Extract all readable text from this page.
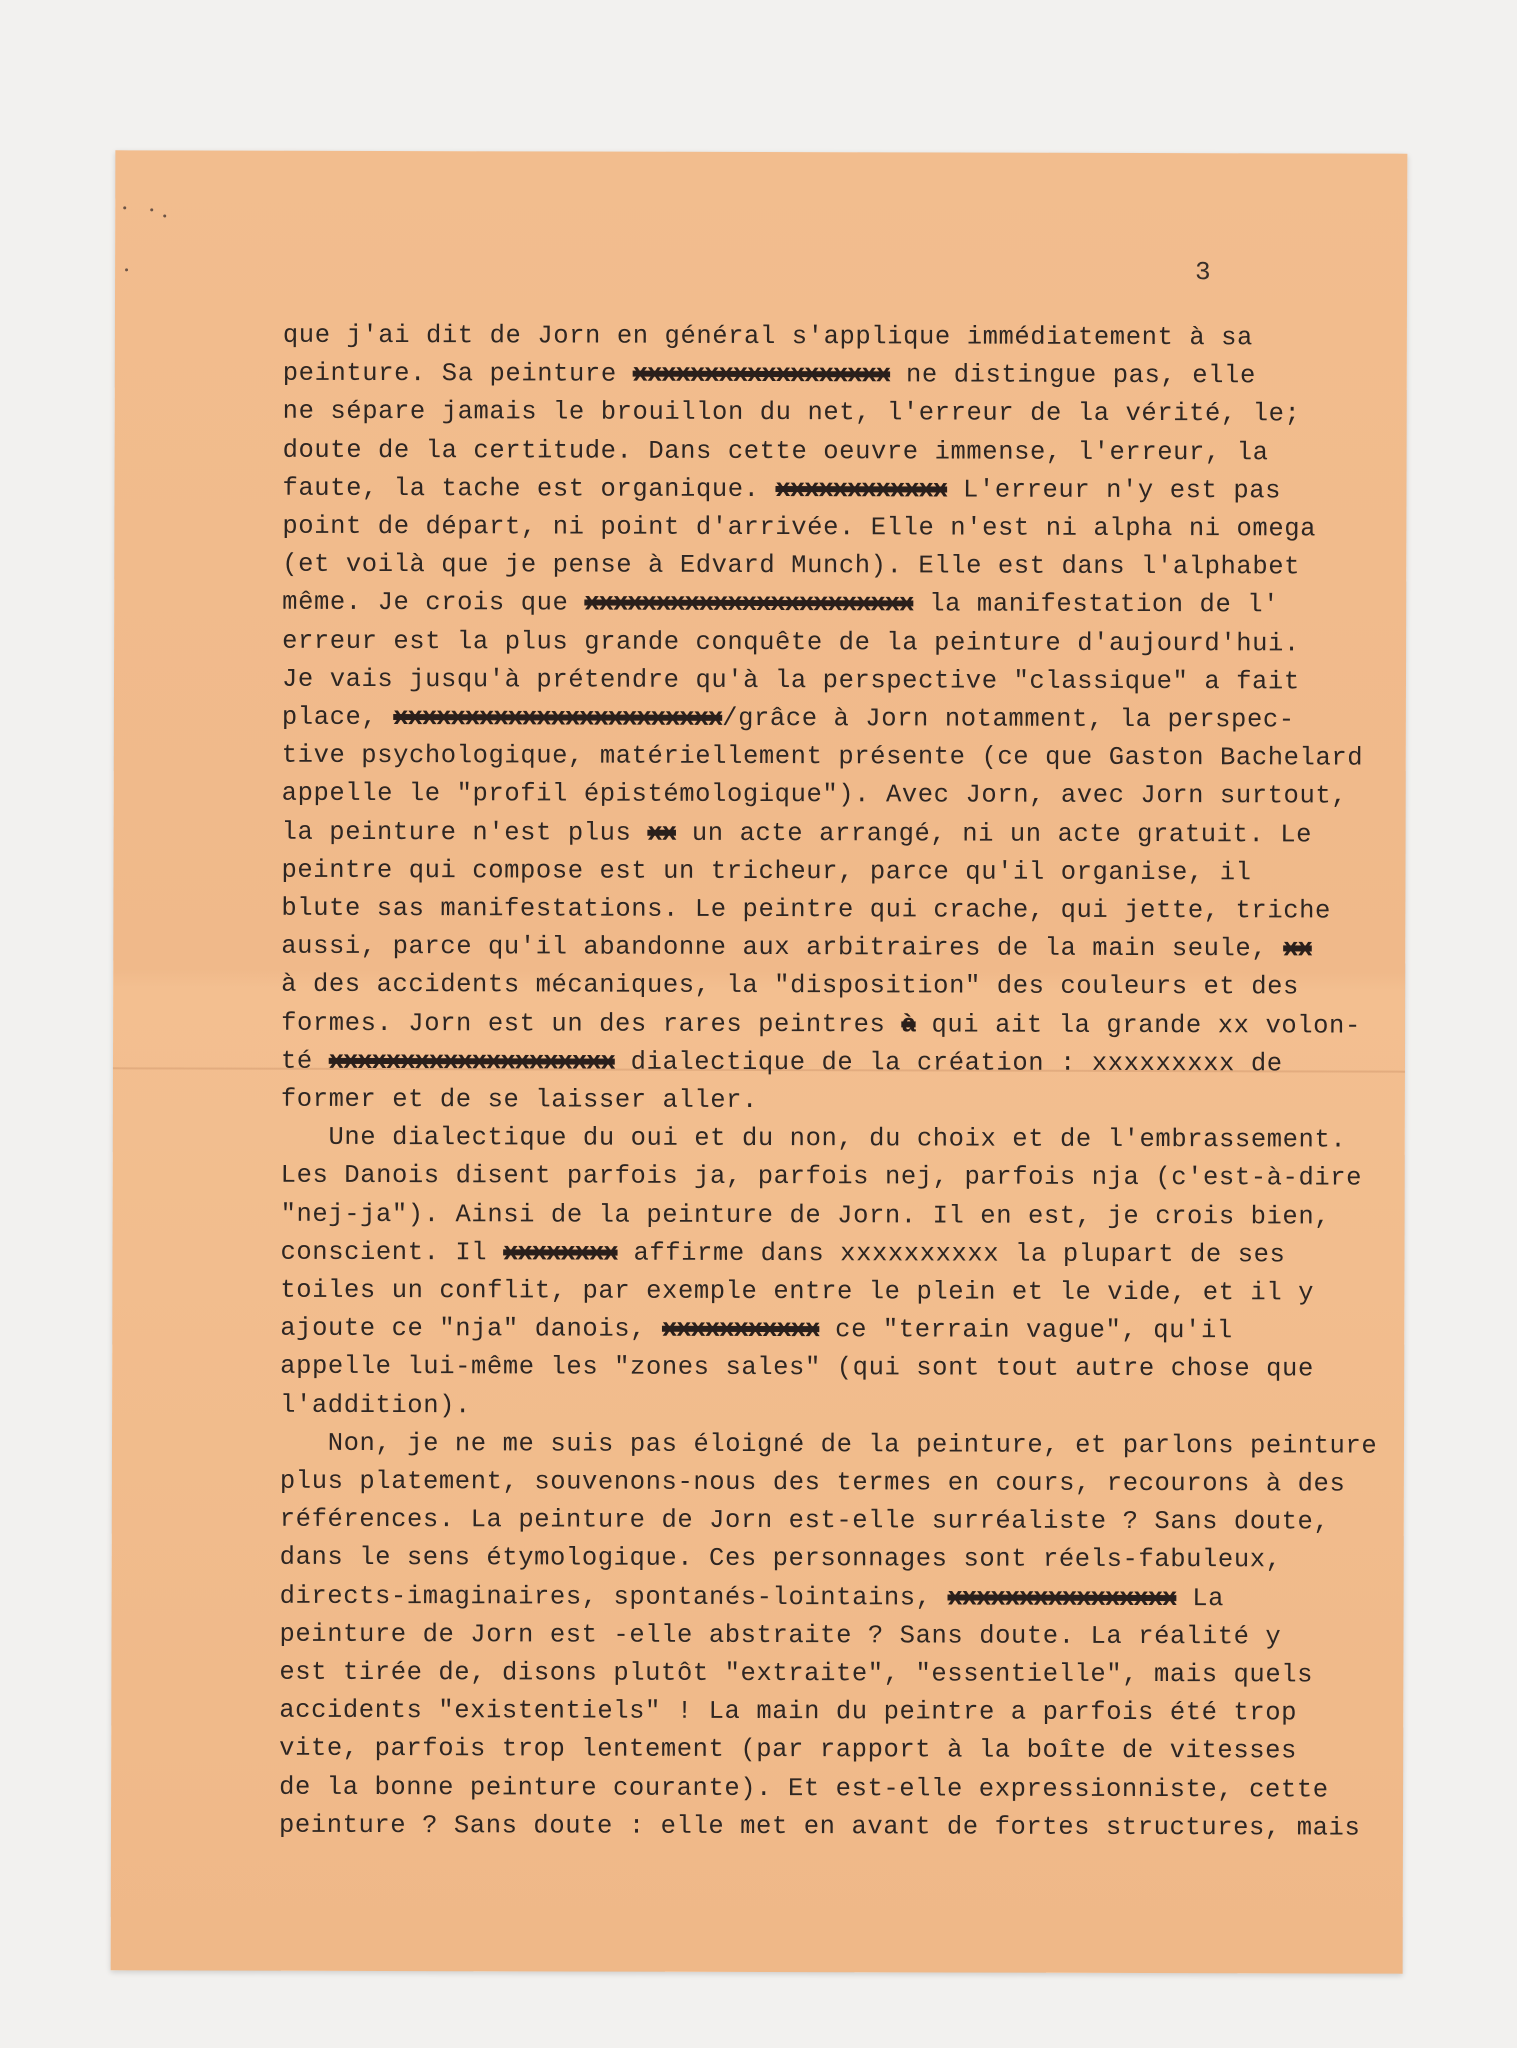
3
que j'ai dit de Jorn en général s'applique immédiatement à sa
peinture. Sa peinture xxxxxxxxxxxxxxxxxx ne distingue pas, elle
ne sépare jamais le brouillon du net, l'erreur de la vérité, le;
doute de la certitude. Dans cette oeuvre immense, l'erreur, la
faute, la tache est organique. xxxxxxxxxxxx L'erreur n'y est pas
point de départ, ni point d'arrivée. Elle n'est ni alpha ni omega
(et voilà que je pense à Edvard Munch). Elle est dans l'alphabet
même. Je crois que xxxxxxxxxxxxxxxxxxxxxxx la manifestation de l'
erreur est la plus grande conquête de la peinture d'aujourd'hui.
Je vais jusqu'à prétendre qu'à la perspective "classique" a fait
place, xxxxxxxxxxxxxxxxxxxxxxx/grâce à Jorn notamment, la perspec-
tive psychologique, matériellement présente (ce que Gaston Bachelard
appelle le "profil épistémologique"). Avec Jorn, avec Jorn surtout,
la peinture n'est plus xx un acte arrangé, ni un acte gratuit. Le
peintre qui compose est un tricheur, parce qu'il organise, il
blute sas manifestations. Le peintre qui crache, qui jette, triche
aussi, parce qu'il abandonne aux arbitraires de la main seule, xx
à des accidents mécaniques, la "disposition" des couleurs et des
formes. Jorn est un des rares peintres à qui ait la grande xx volon-
té xxxxxxxxxxxxxxxxxxxx dialectique de la création : xxxxxxxxx de
former et de se laisser aller.
Une dialectique du oui et du non, du choix et de l'embrassement.
Les Danois disent parfois ja, parfois nej, parfois nja (c'est-à-dire
"nej-ja"). Ainsi de la peinture de Jorn. Il en est, je crois bien,
conscient. Il xxxxxxxx affirme dans xxxxxxxxxx la plupart de ses
toiles un conflit, par exemple entre le plein et le vide, et il y
ajoute ce "nja" danois, xxxxxxxxxxx ce "terrain vague", qu'il
appelle lui-même les "zones sales" (qui sont tout autre chose que
l'addition).
Non, je ne me suis pas éloigné de la peinture, et parlons peinture
plus platement, souvenons-nous des termes en cours, recourons à des
références. La peinture de Jorn est-elle surréaliste ? Sans doute,
dans le sens étymologique. Ces personnages sont réels-fabuleux,
directs-imaginaires, spontanés-lointains, xxxxxxxxxxxxxxxx La
peinture de Jorn est -elle abstraite ? Sans doute. La réalité y
est tirée de, disons plutôt "extraite", "essentielle", mais quels
accidents "existentiels" ! La main du peintre a parfois été trop
vite, parfois trop lentement (par rapport à la boîte de vitesses
de la bonne peinture courante). Et est-elle expressionniste, cette
peinture ? Sans doute : elle met en avant de fortes structures, mais
